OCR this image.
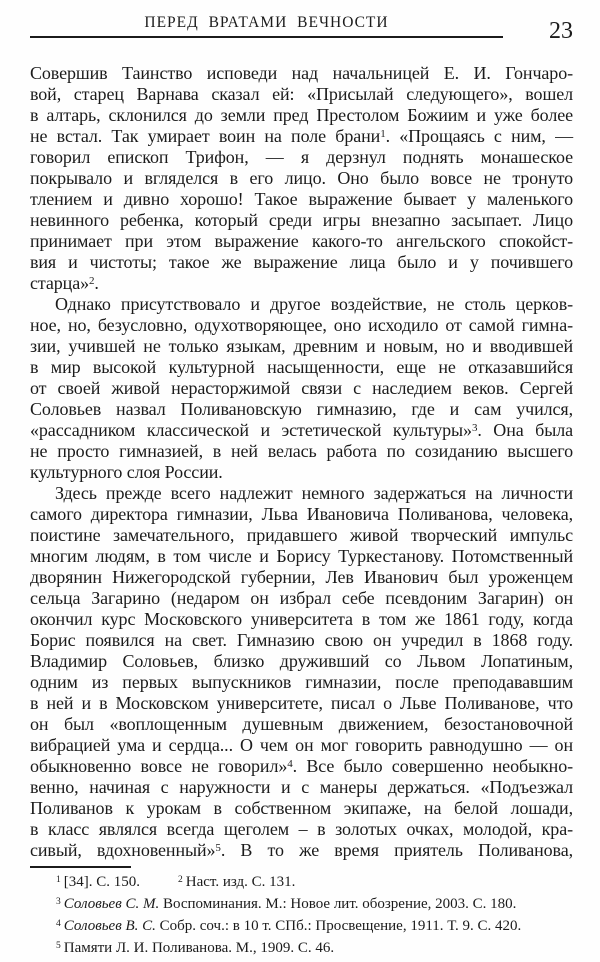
ПЕРЕД ВРАТАМИ ВЕЧНОСТИ	23
Совершив Таинство исповеди над начальницей Е. И. Гончаро-
вой, старец Варнава сказал ей: «Присылай следующего», вошел
в алтарь, склонился до земли пред Престолом Божиим и уже более
не встал. Так умирает воин на поле брани$^1$. «Прощаясь с ним, —
говорил епископ Трифон, — я дерзнул поднять монашеское
покрывало и вгляделся в его лицо. Оно было вовсе не тронуто
тлением и дивно хорошо! Такое выражение бывает у маленького
невинного ребенка, который среди игры внезапно засыпает. Лицо
принимает при этом выражение какого-то ангельского спокойст-
вия и чистоты; такое же выражение лица было и у почившего
старца»$^2$.
Однако присутствовало и другое воздействие, не столь церков-
ное, но, безусловно, одухотворяющее, оно исходило от самой гимна-
зии, учившей не только языкам, древним и новым, но и вводившей
в мир высокой культурной насыщенности, еще не отказавшийся
от своей живой нерасторжимой связи с наследием веков. Сергей
Соловьев назвал Поливановскую гимназию, где и сам учился,
«рассадником классической и эстетической культуры»$^3$. Она была
не просто гимназией, в ней велась работа по созиданию высшего
культурного слоя России.
Здесь прежде всего надлежит немного задержаться на личности
самого директора гимназии, Льва Ивановича Поливанова, человека,
поистине замечательного, придавшего живой творческий импульс
многим людям, в том числе и Борису Туркестанову. Потомственный
дворянин Нижегородской губернии, Лев Иванович был уроженцем
сельца Загарино (недаром он избрал себе псевдоним Загарин) он
окончил курс Московского университета в том же 1861 году, когда
Борис появился на свет. Гимназию свою он учредил в 1868 году.
Владимир Соловьев, близко друживший со Львом Лопатиным,
одним из первых выпускников гимназии, после преподававшим
в ней и в Московском университете, писал о Льве Поливанове, что
он был «воплощенным душевным движением, безостановочной
вибрацией ума и сердца... О чем он мог говорить равнодушно — он
обыкновенно вовсе не говорил»$^4$. Все было совершенно необыкно-
венно, начиная с наружности и с манеры держаться. «Подъезжал
Поливанов к урокам в собственном экипаже, на белой лошади,
в класс являлся всегда щеголем – в золотых очках, молодой, кра-
сивый, вдохновенный»$^5$. В то же время приятель Поливанова,
$^1$ [34]. С. 150.	$^2$ Наст. изд. С. 131.
$^3$ Соловьев С. М. Воспоминания. М.: Новое лит. обозрение, 2003. С. 180.
$^4$ Соловьев В. С. Собр. соч.: в 10 т. СПб.: Просвещение, 1911. Т. 9. С. 420.
$^5$ Памяти Л. И. Поливанова. М., 1909. С. 46.
